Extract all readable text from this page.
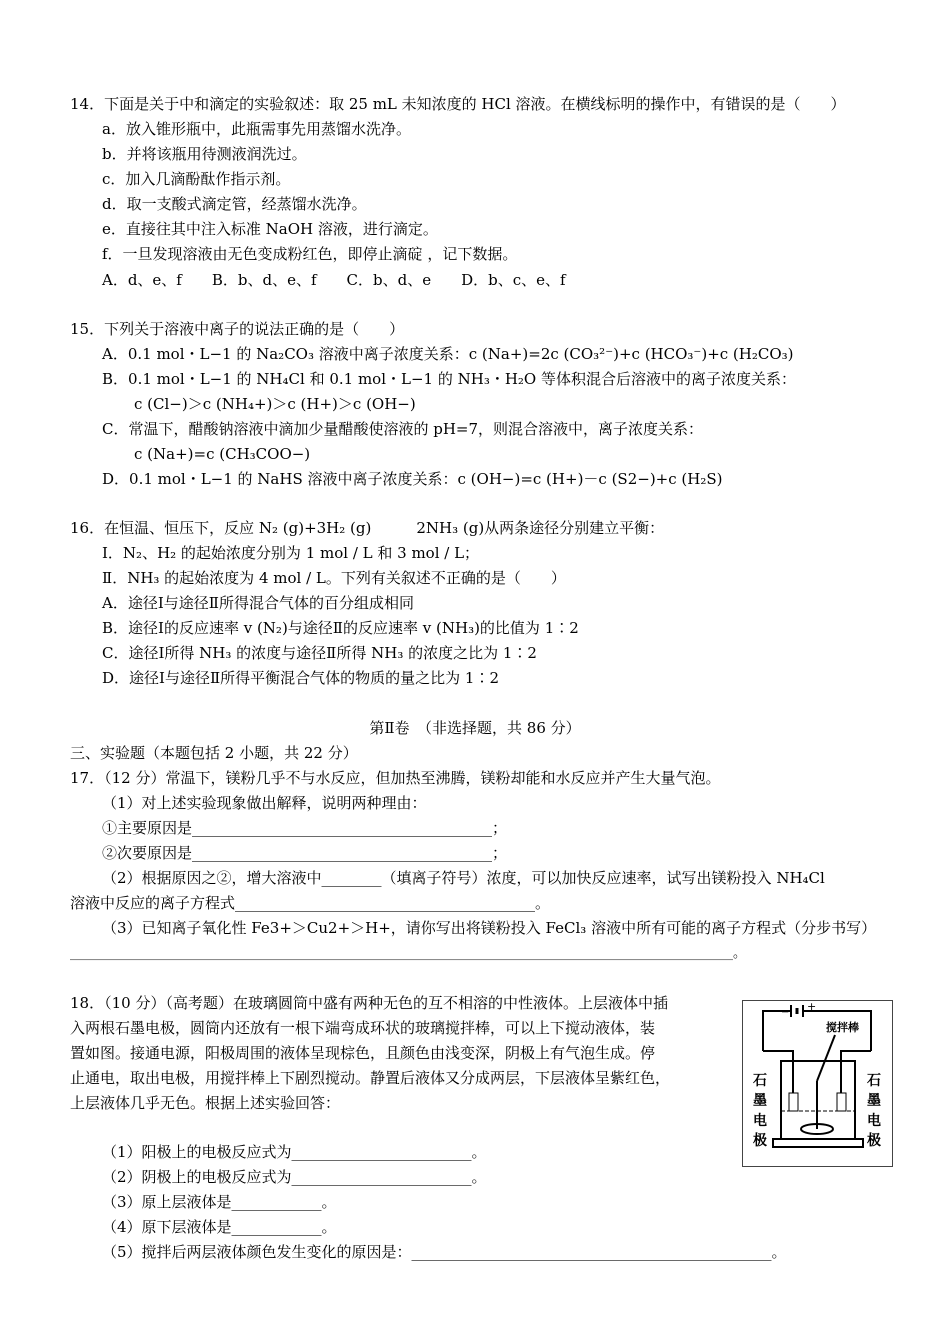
14．下面是关于中和滴定的实验叙述：取 25 mL 未知浓度的 HCl 溶液。在横线标明的操作中，有错误的是（　　）
a．放入锥形瓶中，此瓶需事先用蒸馏水洗净。
b．并将该瓶用待测液润洗过。
c．加入几滴酚酞作指示剂。
d．取一支酸式滴定管，经蒸馏水洗净。
e．直接往其中注入标准 NaOH 溶液，进行滴定。
f．一旦发现溶液由无色变成粉红色，即停止滴碇 ，记下数据。
A．d、e、f　　B．b、d、e、f　　C．b、d、e　　D．b、c、e、f
15．下列关于溶液中离子的说法正确的是（　　）
A．0.1 mol・L−1 的 Na₂CO₃ 溶液中离子浓度关系：c (Na+)=2c (CO₃²⁻)+c (HCO₃⁻)+c (H₂CO₃)
B．0.1 mol・L−1 的 NH₄Cl 和 0.1 mol・L−1 的 NH₃・H₂O 等体积混合后溶液中的离子浓度关系：
c (Cl−)＞c (NH₄+)＞c (H+)＞c (OH−)
C．常温下，醋酸钠溶液中滴加少量醋酸使溶液的 pH=7，则混合溶液中，离子浓度关系：
c (Na+)=c (CH₃COO−)
D．0.1 mol・L−1 的 NaHS 溶液中离子浓度关系：c (OH−)=c (H+)－c (S2−)+c (H₂S)
16．在恒温、恒压下，反应 N₂ (g)+3H₂ (g)　　　2NH₃ (g)从两条途径分别建立平衡：
Ⅰ．N₂、H₂ 的起始浓度分别为 1 mol / L 和 3 mol / L；
Ⅱ．NH₃ 的起始浓度为 4 mol / L。下列有关叙述不正确的是（　　）
A．途径Ⅰ与途径Ⅱ所得混合气体的百分组成相同
B．途径Ⅰ的反应速率 v (N₂)与途径Ⅱ的反应速率 v (NH₃)的比值为 1∶2
C．途径Ⅰ所得 NH₃ 的浓度与途径Ⅱ所得 NH₃ 的浓度之比为 1∶2
D．途径Ⅰ与途径Ⅱ所得平衡混合气体的物质的量之比为 1∶2
第Ⅱ卷　（非选择题，共 86 分）
三、实验题（本题包括 2 小题，共 22 分）
17．（12 分）常温下，镁粉几乎不与水反应，但加热至沸腾，镁粉却能和水反应并产生大量气泡。
（1）对上述实验现象做出解释，说明两种理由：
①主要原因是________________________________________；
②次要原因是________________________________________；
（2）根据原因之②，增大溶液中________（填离子符号）浓度，可以加快反应速率，试写出镁粉投入 NH₄Cl
溶液中反应的离子方程式________________________________________。
（3）已知离子氧化性 Fe3+＞Cu2+＞H+，请你写出将镁粉投入 FeCl₃ 溶液中所有可能的离子方程式（分步书写）
______________________________________________________________________________________________________。
18．（10 分）（高考题）在玻璃圆筒中盛有两种无色的互不相溶的中性液体。上层液体中插
入两根石墨电极，圆筒内还放有一根下端弯成环状的玻璃搅拌棒，可以上下搅动液体，装
置如图。接通电源，阳极周围的液体呈现棕色，且颜色由浅变深，阴极上有气泡生成。停
止通电，取出电极，用搅拌棒上下剧烈搅动。静置后液体又分成两层，下层液体呈紫红色，
上层液体几乎无色。根据上述实验回答：
（1）阳极上的电极反应式为________________________。
（2）阴极上的电极反应式为________________________。
（3）原上层液体是____________。
（4）原下层液体是____________。
（5）搅拌后两层液体颜色发生变化的原因是：________________________________________________。
− +
搅拌棒
石 墨 电 极
石 墨 电 极
